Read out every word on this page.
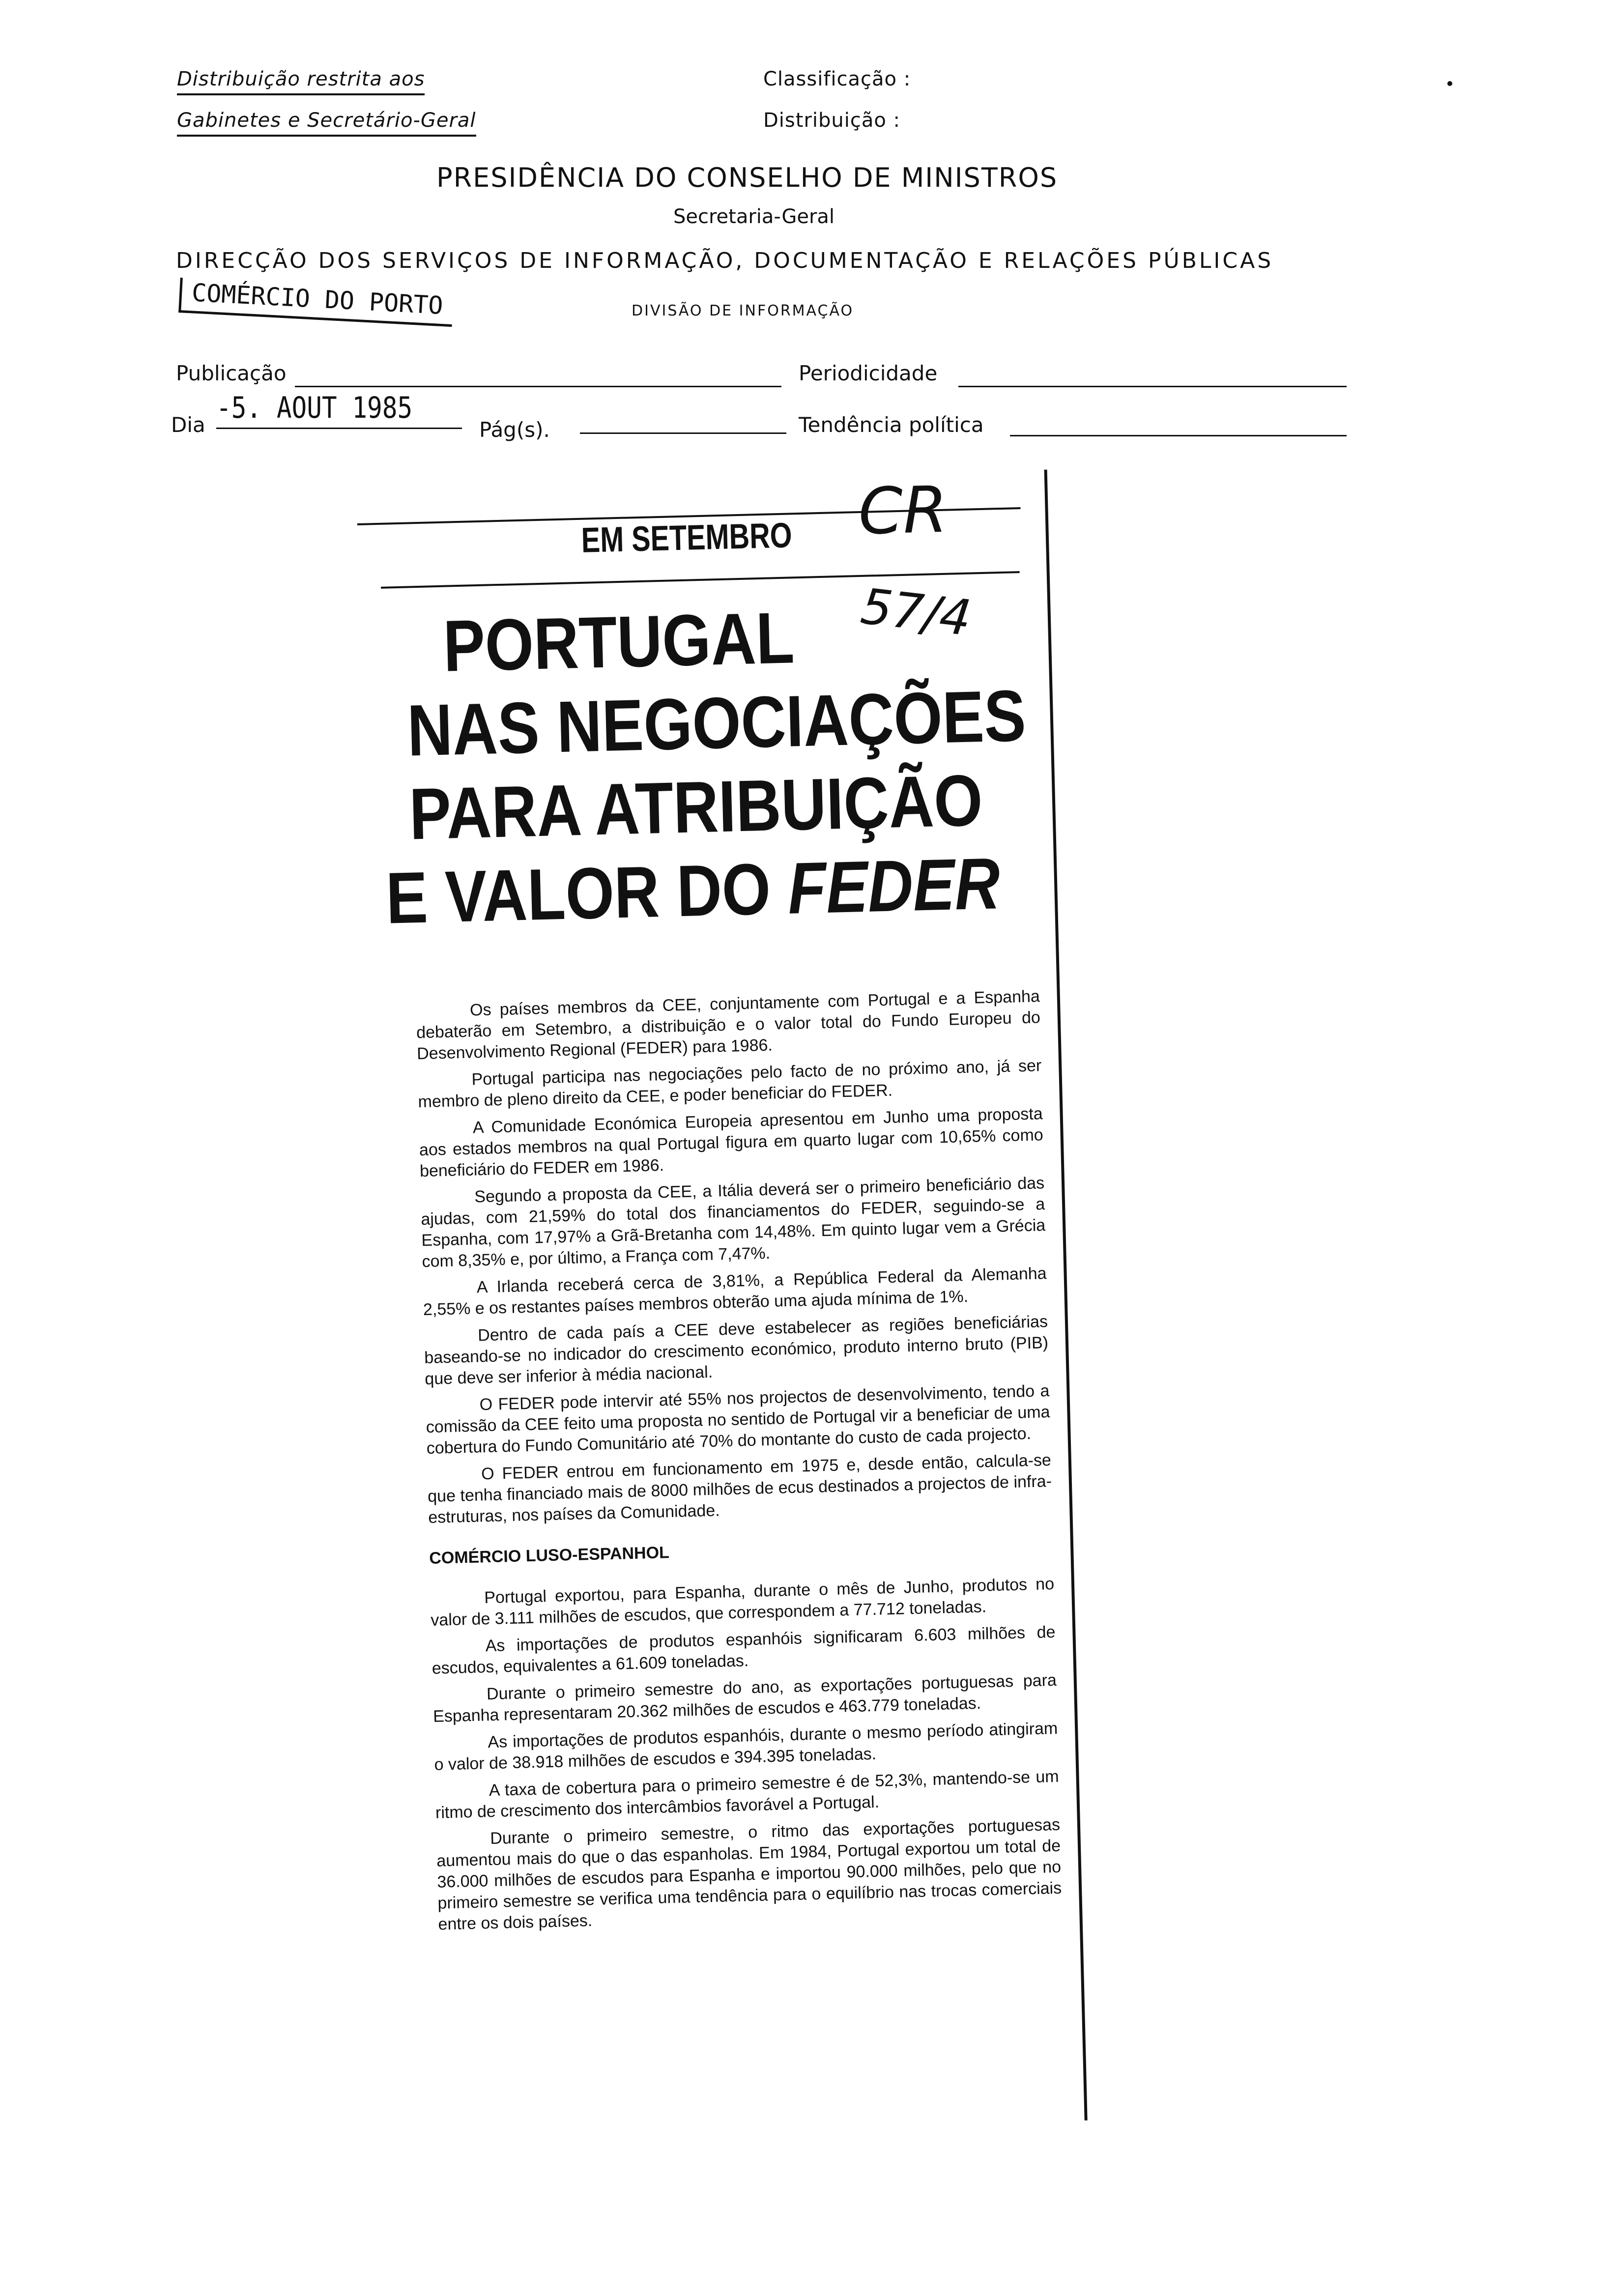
Distribuição restrita aos
Gabinetes e Secretário-Geral
Classificação :
Distribuição :
PRESIDÊNCIA DO CONSELHO DE MINISTROS
Secretaria-Geral
DIRECÇÃO DOS SERVIÇOS DE INFORMAÇÃO, DOCUMENTAÇÃO E RELAÇÕES PÚBLICAS
COMÉRCIO DO PORTO	DIVISÃO DE INFORMAÇÃO
Publicação	Periodicidade
Dia -5. AOUT 1985
Pág(s).	Tendência política
EM SETEMBRO CR
57/4
PORTUGAL
NAS NEGOCIAÇÕES
PARA ATRIBUIÇÃO
E VALOR DO FEDER

Os países membros da CEE, conjuntamente com Portugal e a Espanha debaterão em Setembro, a distribuição e o valor total do Fundo Europeu do Desenvolvimento Regional (FEDER) para 1986.

Portugal participa nas negociações pelo facto de no próximo ano, já ser membro de pleno direito da CEE, e poder beneficiar do FEDER.

A Comunidade Económica Europeia apresentou em Junho uma proposta aos estados membros na qual Portugal figura em quarto lugar com 10,65% como beneficiário do FEDER em 1986.

Segundo a proposta da CEE, a Itália deverá ser o primeiro beneficiário das ajudas, com 21,59% do total dos financiamentos do FEDER, seguindo-se a Espanha, com 17,97% a Grã-Bretanha com 14,48%. Em quinto lugar vem a Grécia com 8,35% e, por último, a França com 7,47%.

A Irlanda receberá cerca de 3,81%, a República Federal da Alemanha 2,55% e os restantes países membros obterão uma ajuda mínima de 1%.

Dentro de cada país a CEE deve estabelecer as regiões beneficiárias baseando-se no indicador do crescimento económico, produto interno bruto (PIB) que deve ser inferior à média nacional.

O FEDER pode intervir até 55% nos projectos de desenvolvimento, tendo a comissão da CEE feito uma proposta no sentido de Portugal vir a beneficiar de uma cobertura do Fundo Comunitário até 70% do montante do custo de cada projecto.

O FEDER entrou em funcionamento em 1975 e, desde então, calcula-se que tenha financiado mais de 8000 milhões de ecus destinados a projectos de infra-estruturas, nos países da Comunidade.

COMÉRCIO LUSO-ESPANHOL

Portugal exportou, para Espanha, durante o mês de Junho, produtos no valor de 3.111 milhões de escudos, que correspondem a 77.712 toneladas.

As importações de produtos espanhóis significaram 6.603 milhões de escudos, equivalentes a 61.609 toneladas.

Durante o primeiro semestre do ano, as exportações portuguesas para Espanha representaram 20.362 milhões de escudos e 463.779 toneladas.

As importações de produtos espanhóis, durante o mesmo período atingiram o valor de 38.918 milhões de escudos e 394.395 toneladas.

A taxa de cobertura para o primeiro semestre é de 52,3%, mantendo-se um ritmo de crescimento dos intercâmbios favorável a Portugal.

Durante o primeiro semestre, o ritmo das exportações portuguesas aumentou mais do que o das espanholas. Em 1984, Portugal exportou um total de 36.000 milhões de escudos para Espanha e importou 90.000 milhões, pelo que no primeiro semestre se verifica uma tendência para o equilíbrio nas trocas comerciais entre os dois países.
